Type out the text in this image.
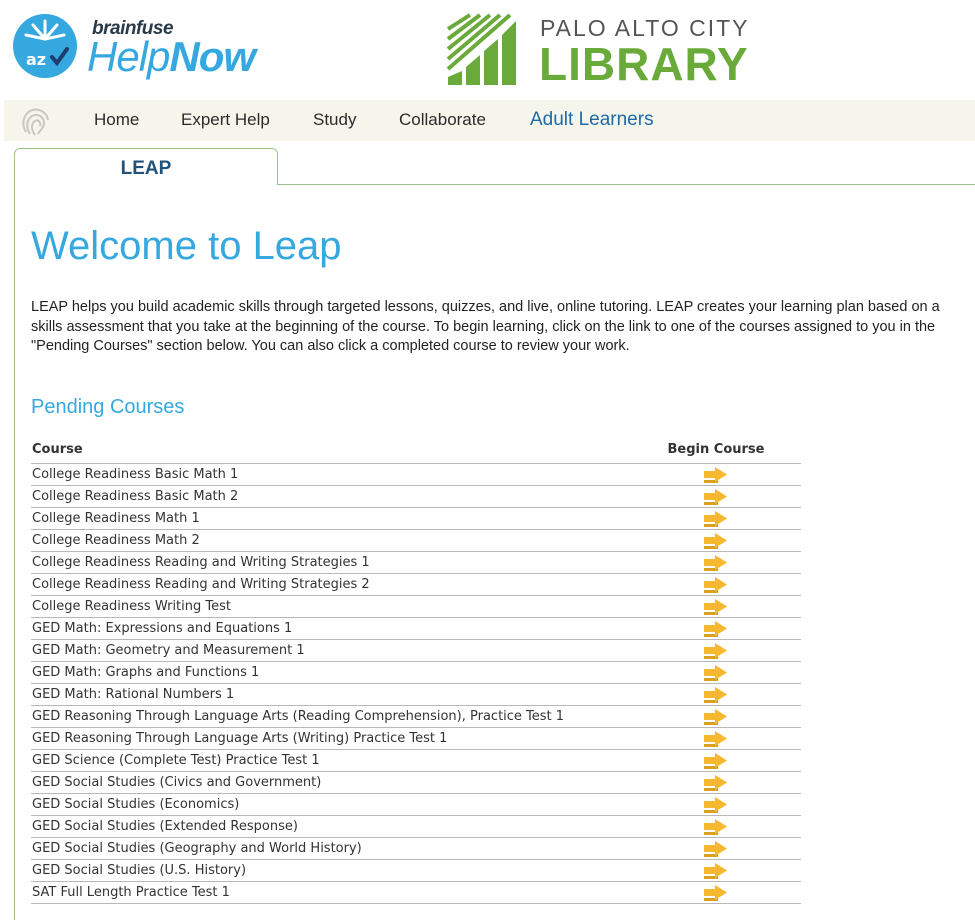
az
brainfuse
HelpNow
PALO ALTO CITY
LIBRARY
Home Expert Help	Study	Collaborate Adult Learners
LEAP
Welcome to Leap
LEAP helps you build academic skills through targeted lessons, quizzes, and live, online tutoring. LEAP creates your learning plan based on a skills assessment that you take at the beginning of the course. To begin learning, click on the link to one of the courses assigned to you in the "Pending Courses" section below. You can also click a completed course to review your work.
Pending Courses
Course	Begin Course
College Readiness Basic Math 1
College Readiness Basic Math 2
College Readiness Math 1
College Readiness Math 2
College Readiness Reading and Writing Strategies 1
College Readiness Reading and Writing Strategies 2
College Readiness Writing Test
GED Math: Expressions and Equations 1
GED Math: Geometry and Measurement 1
GED Math: Graphs and Functions 1
GED Math: Rational Numbers 1
GED Reasoning Through Language Arts (Reading Comprehension), Practice Test 1
GED Reasoning Through Language Arts (Writing) Practice Test 1
GED Science (Complete Test) Practice Test 1
GED Social Studies (Civics and Government)
GED Social Studies (Economics)
GED Social Studies (Extended Response)
GED Social Studies (Geography and World History)
GED Social Studies (U.S. History)
SAT Full Length Practice Test 1
